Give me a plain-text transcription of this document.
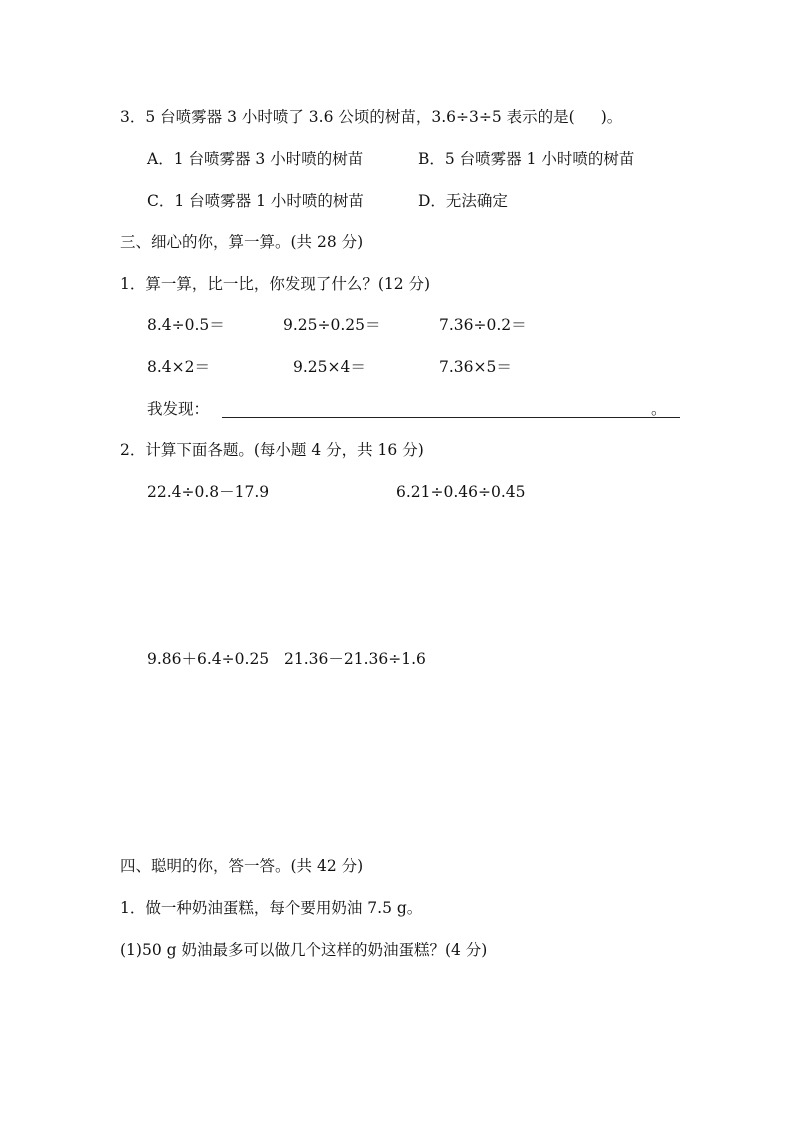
3．5 台喷雾器 3 小时喷了 3.6 公顷的树苗，3.6÷3÷5 表示的是( )。
A．1 台喷雾器 3 小时喷的树苗	B．5 台喷雾器 1 小时喷的树苗
C．1 台喷雾器 1 小时喷的树苗	D．无法确定
三、细心的你，算一算。(共 28 分)
1．算一算，比一比，你发现了什么？(12 分)
8.4÷0.5＝	9.25÷0.25＝	7.36÷0.2＝
8.4×2＝	9.25×4＝	7.36×5＝
我发现：	。
2．计算下面各题。(每小题 4 分，共 16 分)
22.4÷0.8－17.9	6.21÷0.46÷0.45
9.86＋6.4÷0.25 21.36－21.36÷1.6
四、聪明的你，答一答。(共 42 分)
1．做一种奶油蛋糕，每个要用奶油 7.5 g。
(1)50 g 奶油最多可以做几个这样的奶油蛋糕？(4 分)
